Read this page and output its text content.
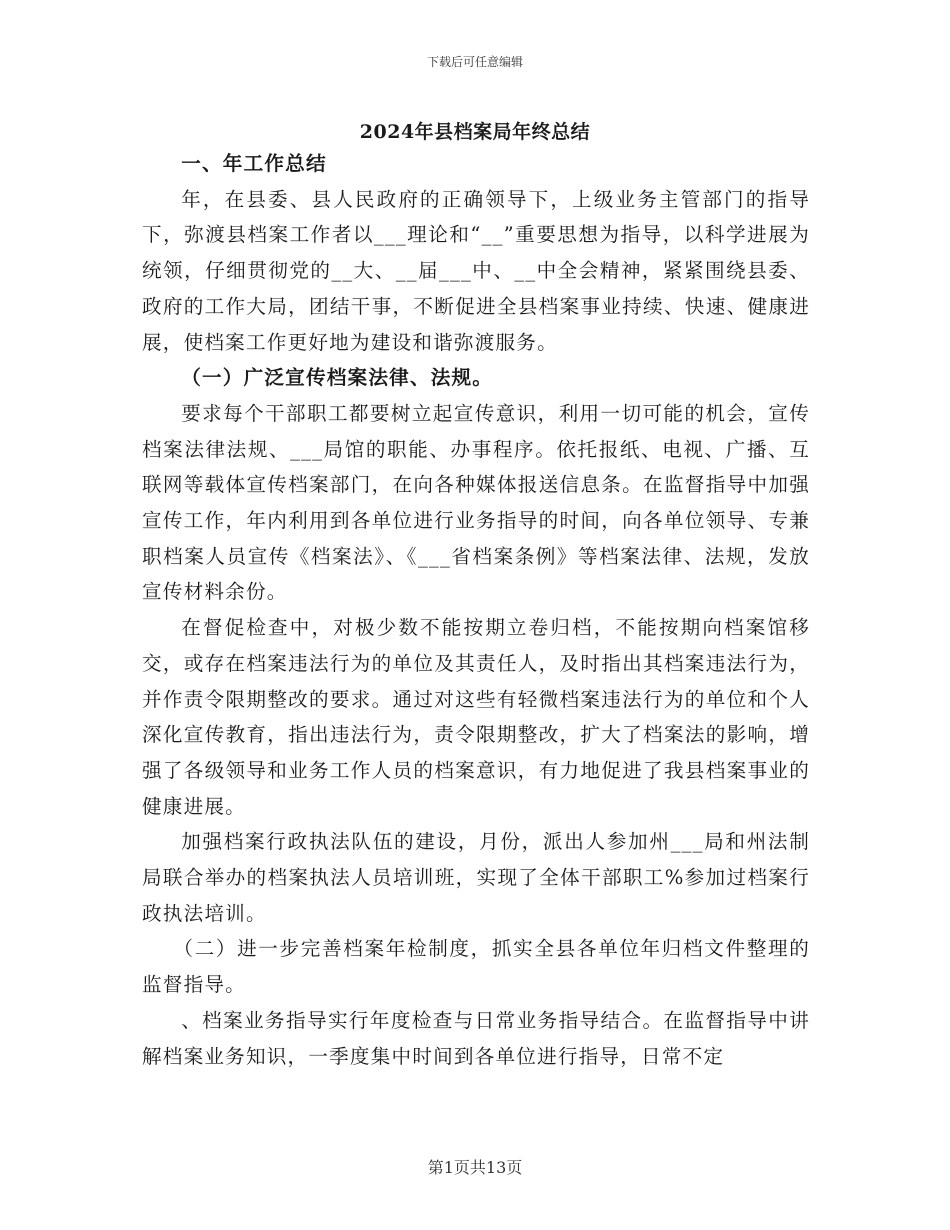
下载后可任意编辑
2024年县档案局年终总结
一、年工作总结

年，在县委、县人民政府的正确领导下，上级业务主管部门的指导下，弥渡县档案工作者以___理论和“__”重要思想为指导，以科学进展为统领，仔细贯彻党的__大、__届___中、__中全会精神，紧紧围绕县委、政府的工作大局，团结干事，不断促进全县档案事业持续、快速、健康进展，使档案工作更好地为建设和谐弥渡服务。

（一）广泛宣传档案法律、法规。

要求每个干部职工都要树立起宣传意识，利用一切可能的机会，宣传档案法律法规、___局馆的职能、办事程序。依托报纸、电视、广播、互联网等载体宣传档案部门，在向各种媒体报送信息条。在监督指导中加强宣传工作，年内利用到各单位进行业务指导的时间，向各单位领导、专兼职档案人员宣传《档案法》、《___省档案条例》等档案法律、法规，发放宣传材料余份。

在督促检查中，对极少数不能按期立卷归档，不能按期向档案馆移交，或存在档案违法行为的单位及其责任人，及时指出其档案违法行为，并作责令限期整改的要求。通过对这些有轻微档案违法行为的单位和个人深化宣传教育，指出违法行为，责令限期整改，扩大了档案法的影响，增强了各级领导和业务工作人员的档案意识，有力地促进了我县档案事业的健康进展。

加强档案行政执法队伍的建设，月份，派出人参加州___局和州法制局联合举办的档案执法人员培训班，实现了全体干部职工%参加过档案行政执法培训。

（二）进一步完善档案年检制度，抓实全县各单位年归档文件整理的监督指导。

、档案业务指导实行年度检查与日常业务指导结合。在监督指导中讲解档案业务知识，一季度集中时间到各单位进行指导，日常不定

第1页共13页
